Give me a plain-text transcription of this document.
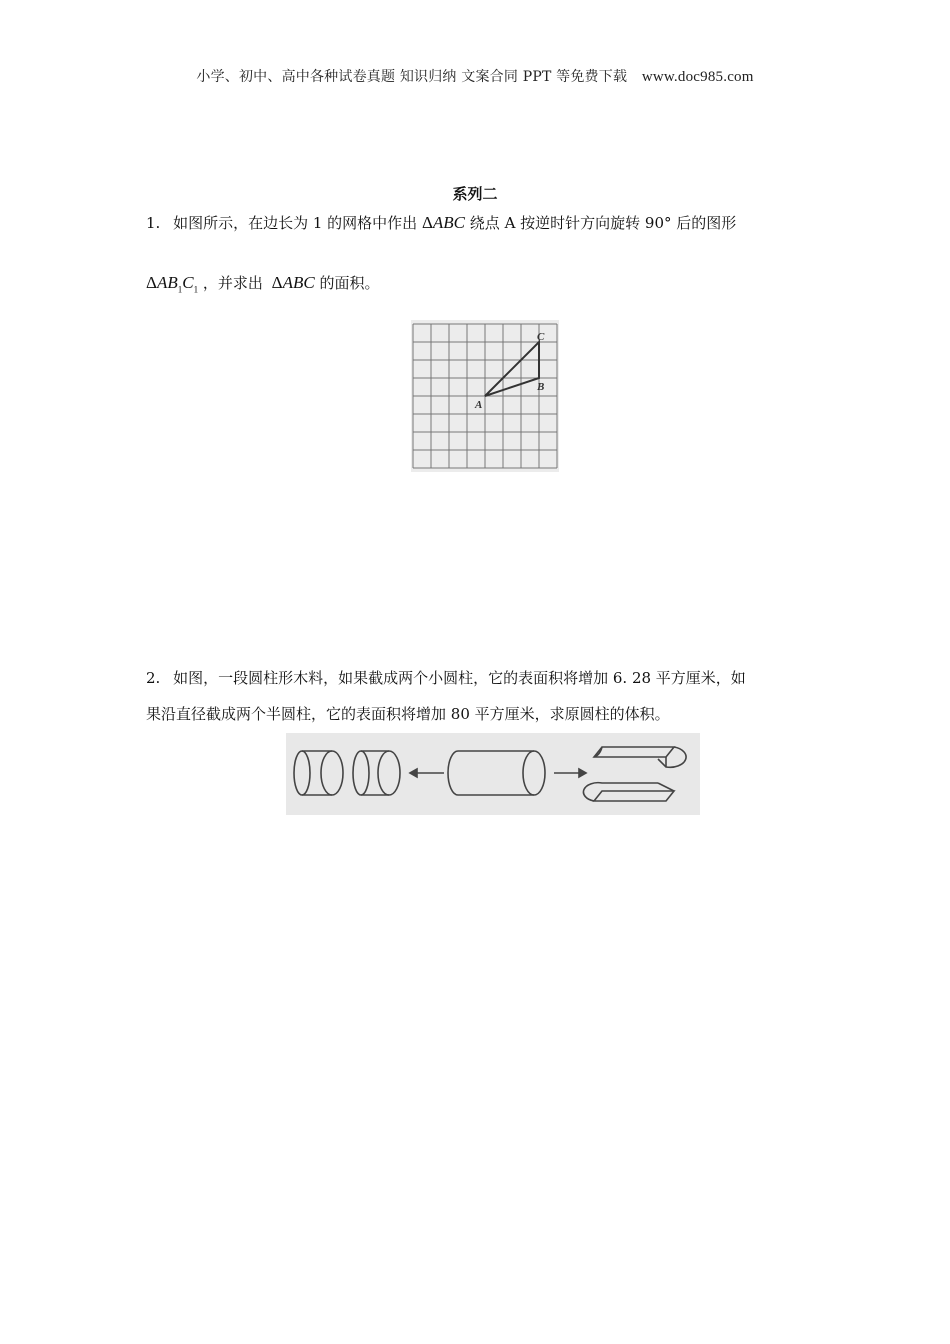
小学、初中、高中各种试卷真题 知识归纳 文案合同 PPT 等免费下载 www.doc985.com
系列二
1. 如图所示，在边长为 1 的网格中作出 ΔABC 绕点 A 按逆时针方向旋转 90° 后的图形
$\Delta AB_1C_1$ ，并求出 ΔABC 的面积。
A
B
C
2. 如图，一段圆柱形木料，如果截成两个小圆柱，它的表面积将增加 6. 28 平方厘米，如
果沿直径截成两个半圆柱，它的表面积将增加 80 平方厘米，求原圆柱的体积。
